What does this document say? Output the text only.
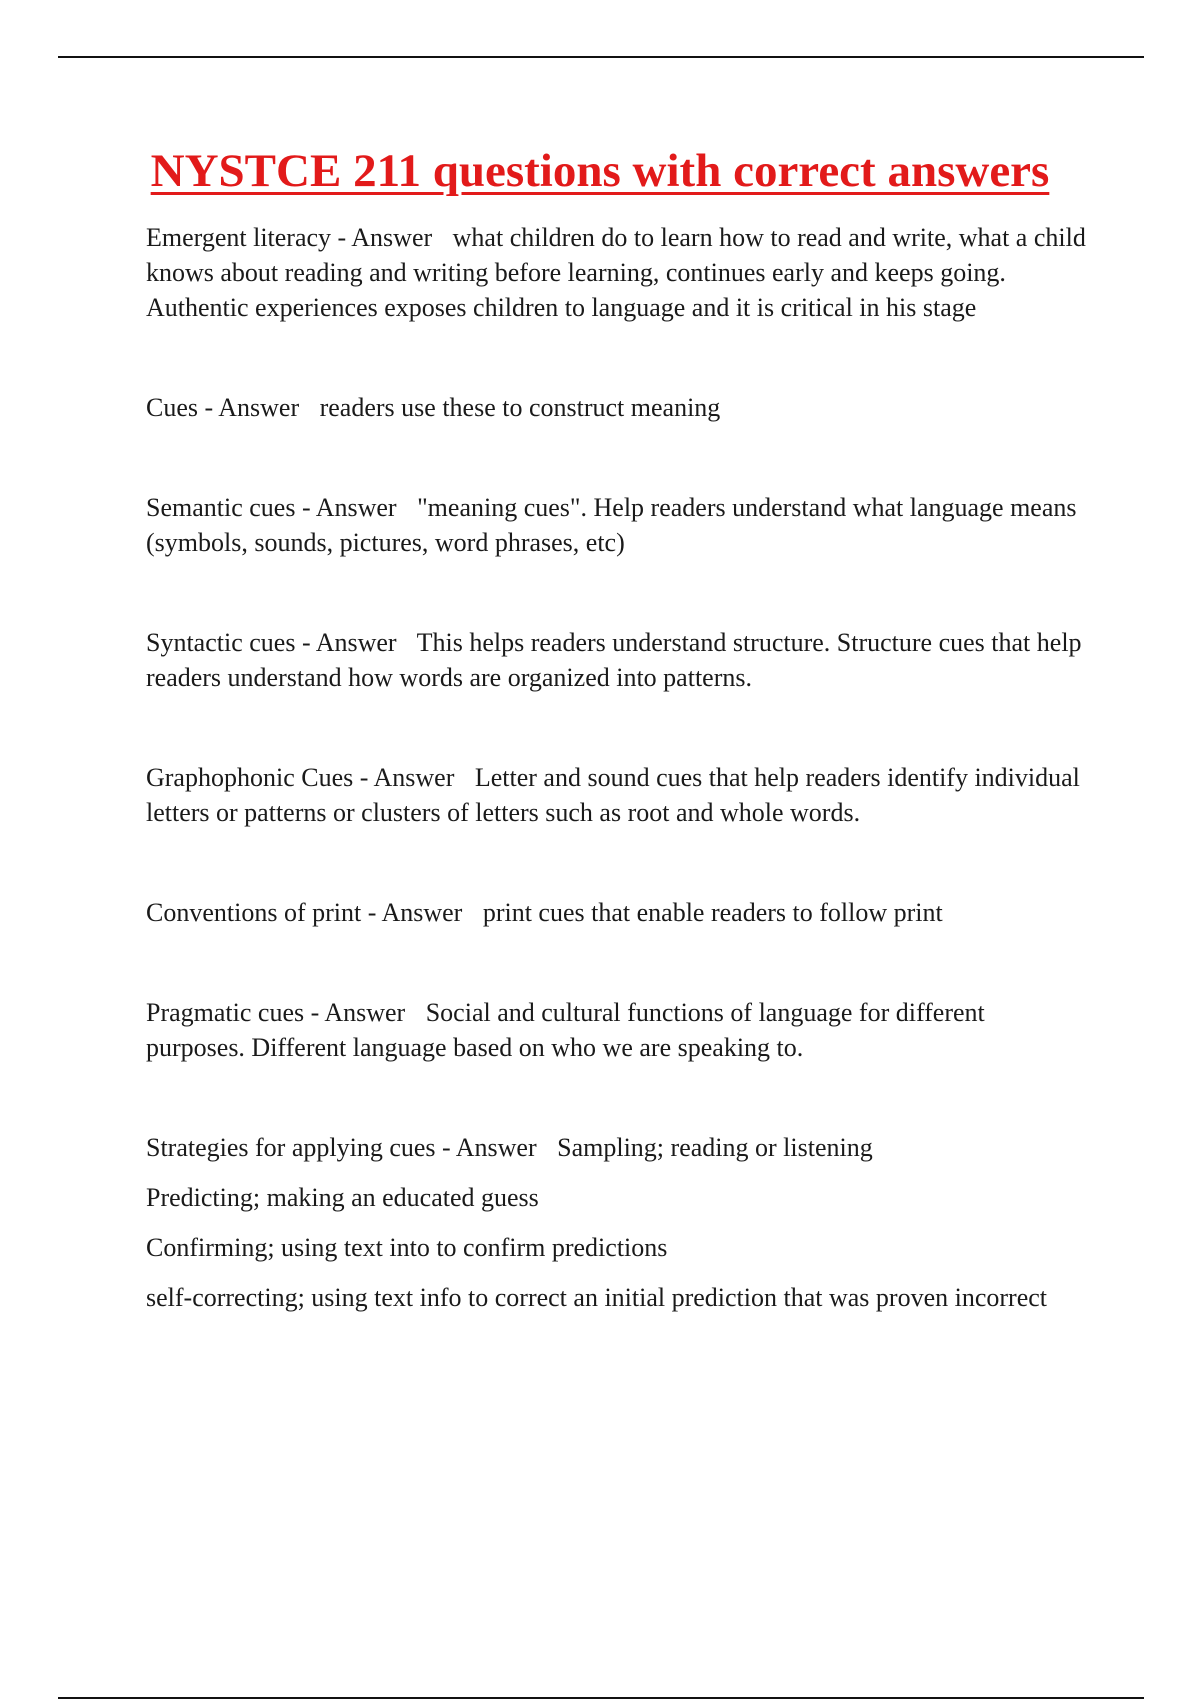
NYSTCE 211 questions with correct answers

Emergent literacy - Answer what children do to learn how to read and write, what a child knows about reading and writing before learning, continues early and keeps going. Authentic experiences exposes children to language and it is critical in his stage

Cues - Answer readers use these to construct meaning

Semantic cues - Answer "meaning cues". Help readers understand what language means (symbols, sounds, pictures, word phrases, etc)

Syntactic cues - Answer This helps readers understand structure. Structure cues that help readers understand how words are organized into patterns.

Graphophonic Cues - Answer Letter and sound cues that help readers identify individual letters or patterns or clusters of letters such as root and whole words.

Conventions of print - Answer print cues that enable readers to follow print

Pragmatic cues - Answer Social and cultural functions of language for different purposes. Different language based on who we are speaking to.

Strategies for applying cues - Answer Sampling; reading or listening

Predicting; making an educated guess

Confirming; using text into to confirm predictions

self-correcting; using text info to correct an initial prediction that was proven incorrect
